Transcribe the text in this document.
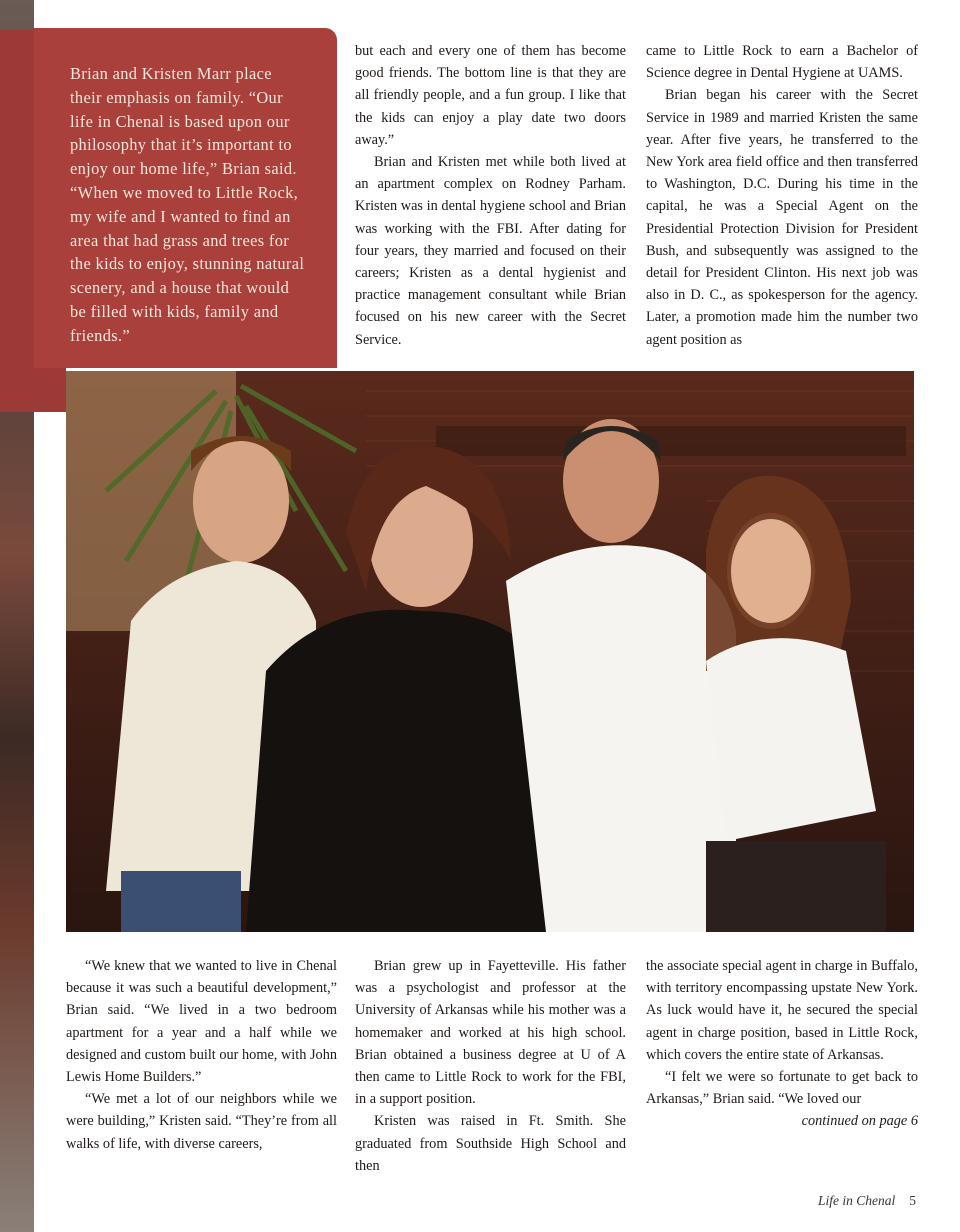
Brian and Kristen Marr place their emphasis on family. “Our life in Chenal is based upon our philosophy that it’s important to enjoy our home life,” Brian said. “When we moved to Little Rock, my wife and I wanted to find an area that had grass and trees for the kids to enjoy, stunning natural scenery, and a house that would be filled with kids, family and friends.”

but each and every one of them has become good friends. The bottom line is that they are all friendly people, and a fun group. I like that the kids can enjoy a play date two doors away.”

Brian and Kristen met while both lived at an apartment complex on Rodney Parham. Kristen was in dental hygiene school and Brian was working with the FBI. After dating for four years, they married and focused on their careers; Kristen as a dental hygienist and practice management consultant while Brian focused on his new career with the Secret Service.

came to Little Rock to earn a Bachelor of Science degree in Dental Hygiene at UAMS.

Brian began his career with the Secret Service in 1989 and married Kristen the same year. After five years, he transferred to the New York area field office and then transferred to Washington, D.C. During his time in the capital, he was a Special Agent on the Presidential Protection Division for President Bush, and subsequently was assigned to the detail for President Clinton. His next job was also in D. C., as spokesperson for the agency. Later, a promotion made him the number two agent position as

“We knew that we wanted to live in Chenal because it was such a beautiful development,” Brian said. “We lived in a two bedroom apartment for a year and a half while we designed and custom built our home, with John Lewis Home Builders.”

“We met a lot of our neighbors while we were building,” Kristen said. “They’re from all walks of life, with diverse careers,

Brian grew up in Fayetteville. His father was a psychologist and professor at the University of Arkansas while his mother was a homemaker and worked at his high school. Brian obtained a business degree at U of A then came to Little Rock to work for the FBI, in a support position.

Kristen was raised in Ft. Smith. She graduated from Southside High School and then

the associate special agent in charge in Buffalo, with territory encompassing upstate New York. As luck would have it, he secured the special agent in charge position, based in Little Rock, which covers the entire state of Arkansas.

“I felt we were so fortunate to get back to Arkansas,” Brian said. “We loved our

continued on page 6

Life in Chenal 5
